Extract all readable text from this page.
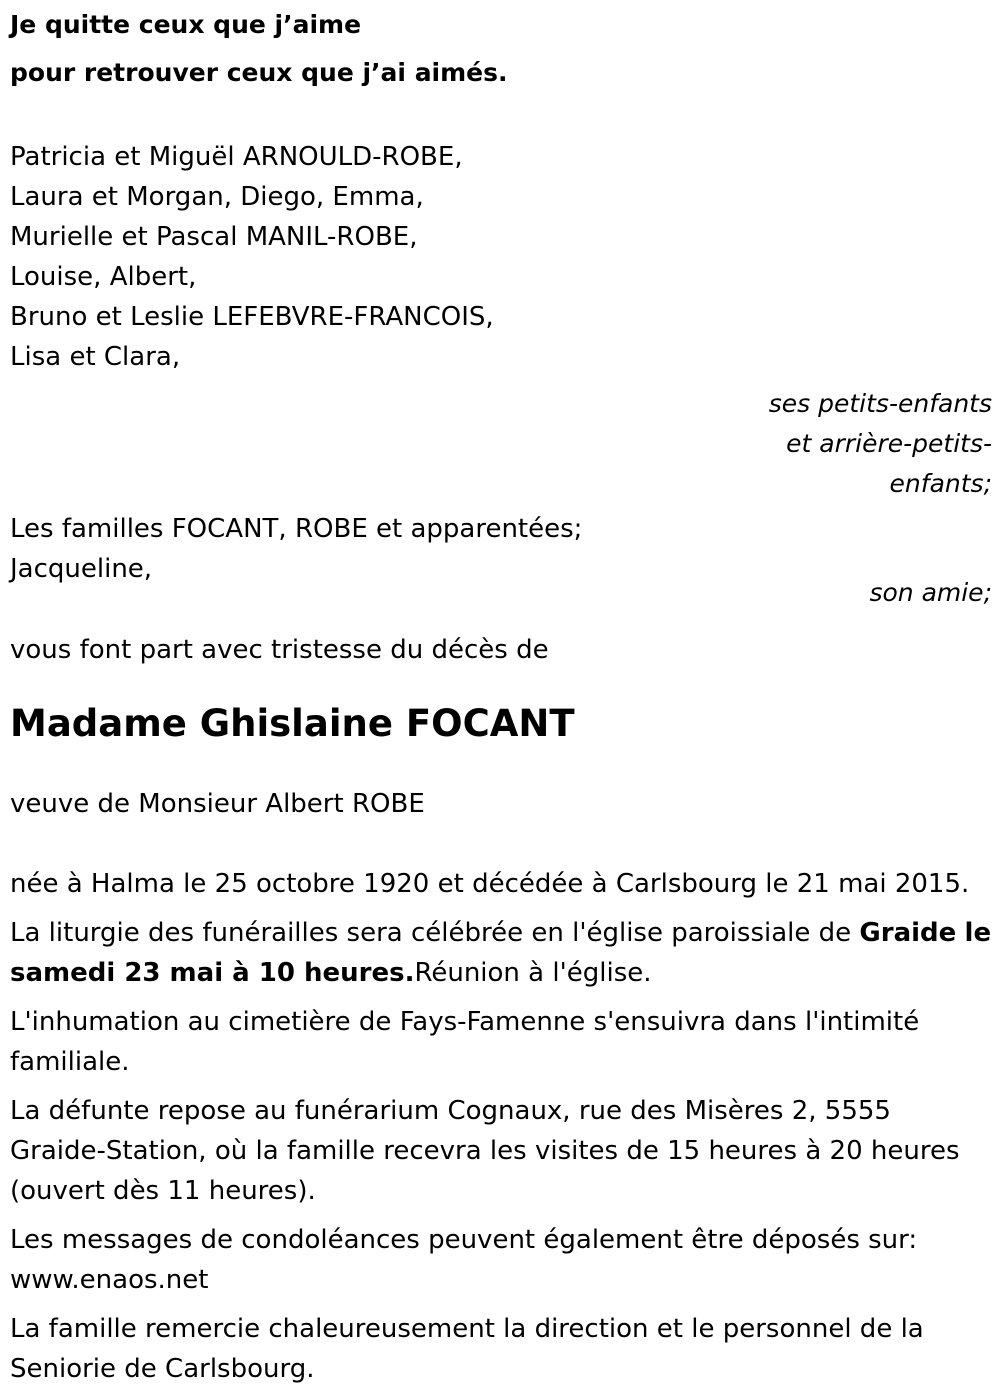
Je quitte ceux que j’aime

pour retrouver ceux que j’ai aimés.

Patricia et Miguël ARNOULD-ROBE,
Laura et Morgan, Diego, Emma,
Murielle et Pascal MANIL-ROBE,
Louise, Albert,
Bruno et Leslie LEFEBVRE-FRANCOIS,
Lisa et Clara,
ses petits-enfants
et arrière-petits-
enfants;
Les familles FOCANT, ROBE et apparentées;
Jacqueline,
son amie;
vous font part avec tristesse du décès de
Madame Ghislaine FOCANT
veuve de Monsieur Albert ROBE
née à Halma le 25 octobre 1920 et décédée à Carlsbourg le 21 mai 2015.
La liturgie des funérailles sera célébrée en l'église paroissiale de Graide le samedi 23 mai à 10 heures.Réunion à l'église.
L'inhumation au cimetière de Fays-Famenne s'ensuivra dans l'intimité familiale.
La défunte repose au funérarium Cognaux, rue des Misères 2, 5555 Graide-Station, où la famille recevra les visites de 15 heures à 20 heures (ouvert dès 11 heures).
Les messages de condoléances peuvent également être déposés sur:
www.enaos.net
La famille remercie chaleureusement la direction et le personnel de la Seniorie de Carlsbourg.
